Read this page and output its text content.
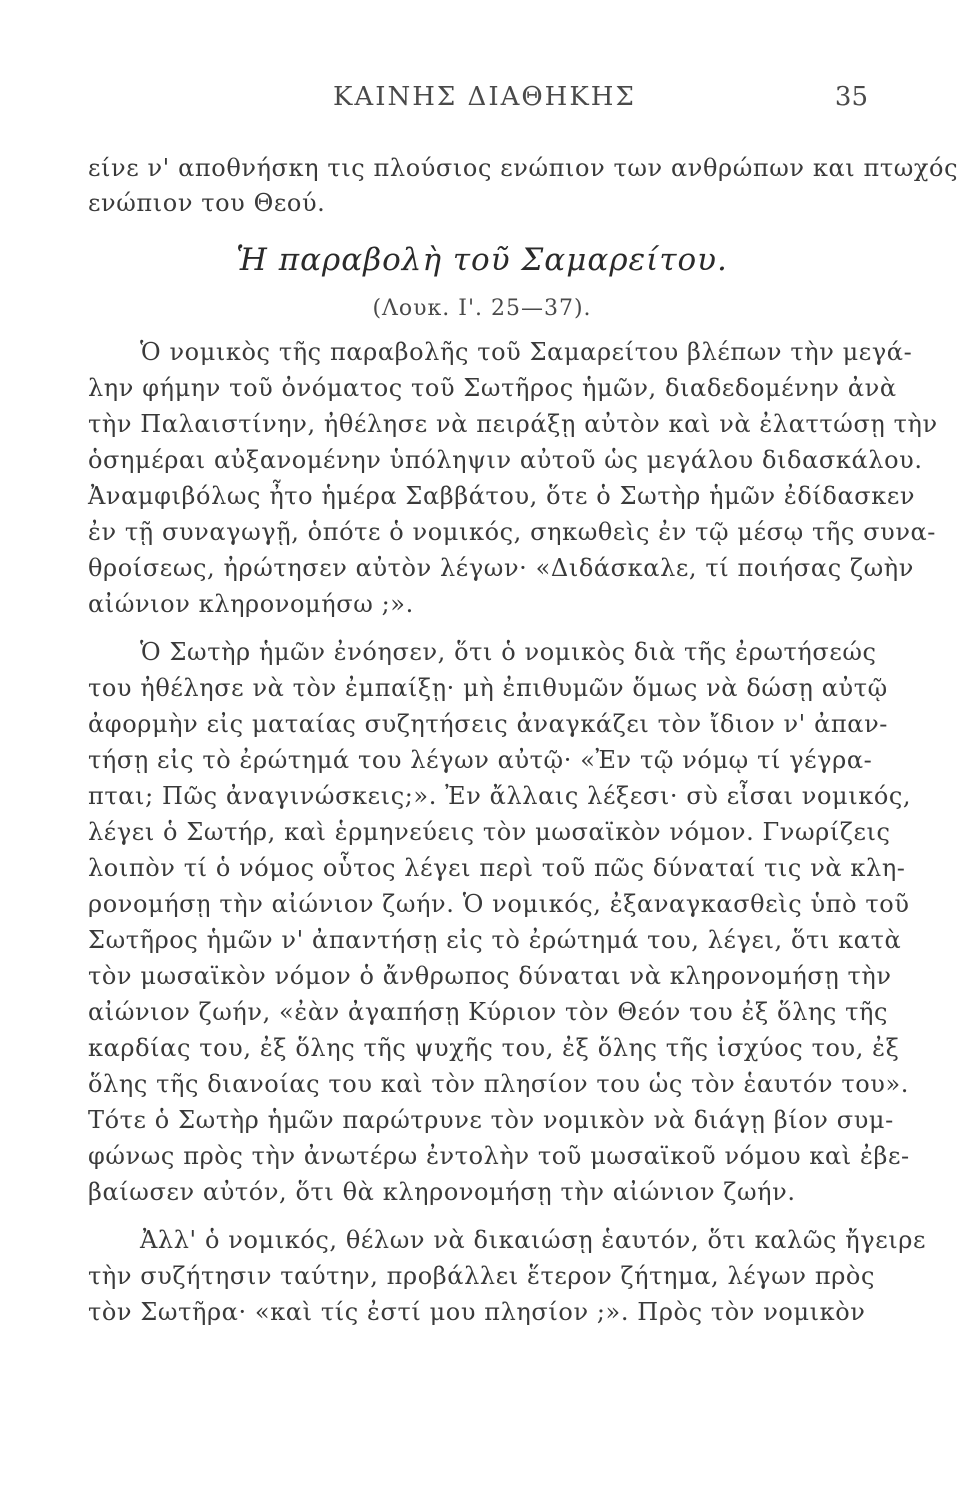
ΚΑΙΝΗΣ ΔΙΑΘΗΚΗΣ	35
είνε ν' αποθνήσκη τις πλούσιος ενώπιον των ανθρώπων και πτωχός
ενώπιον του Θεού.
Ἡ παραβολὴ τοῦ Σαμαρείτου.
(Λουκ. Ι'. 25—37).
Ὁ νομικὸς τῆς παραβολῆς τοῦ Σαμαρείτου βλέπων τὴν μεγά-
λην φήμην τοῦ ὀνόματος τοῦ Σωτῆρος ἡμῶν, διαδεδομένην ἀνὰ
τὴν Παλαιστίνην, ἠθέλησε νὰ πειράξῃ αὐτὸν καὶ νὰ ἐλαττώσῃ τὴν
ὁσημέραι αὐξανομένην ὑπόληψιν αὐτοῦ ὡς μεγάλου διδασκάλου.
Ἀναμφιβόλως ἦτο ἡμέρα Σαββάτου, ὅτε ὁ Σωτὴρ ἡμῶν ἐδίδασκεν
ἐν τῇ συναγωγῇ, ὁπότε ὁ νομικός, σηκωθεὶς ἐν τῷ μέσῳ τῆς συνα-
θροίσεως, ἠρώτησεν αὐτὸν λέγων· «Διδάσκαλε, τί ποιήσας ζωὴν
αἰώνιον κληρονομήσω ;».
Ὁ Σωτὴρ ἡμῶν ἐνόησεν, ὅτι ὁ νομικὸς διὰ τῆς ἐρωτήσεώς
του ἠθέλησε νὰ τὸν ἐμπαίξῃ· μὴ ἐπιθυμῶν ὅμως νὰ δώσῃ αὐτῷ
ἀφορμὴν εἰς ματαίας συζητήσεις ἀναγκάζει τὸν ἴδιον ν' ἀπαν-
τήσῃ εἰς τὸ ἐρώτημά του λέγων αὐτῷ· «Ἐν τῷ νόμῳ τί γέγρα-
πται; Πῶς ἀναγινώσκεις;». Ἐν ἄλλαις λέξεσι· σὺ εἶσαι νομικός,
λέγει ὁ Σωτήρ, καὶ ἑρμηνεύεις τὸν μωσαϊκὸν νόμον. Γνωρίζεις
λοιπὸν τί ὁ νόμος οὗτος λέγει περὶ τοῦ πῶς δύναταί τις νὰ κλη-
ρονομήσῃ τὴν αἰώνιον ζωήν. Ὁ νομικός, ἐξαναγκασθεὶς ὑπὸ τοῦ
Σωτῆρος ἡμῶν ν' ἀπαντήσῃ εἰς τὸ ἐρώτημά του, λέγει, ὅτι κατὰ
τὸν μωσαϊκὸν νόμον ὁ ἄνθρωπος δύναται νὰ κληρονομήσῃ τὴν
αἰώνιον ζωήν, «ἐὰν ἀγαπήσῃ Κύριον τὸν Θεόν του ἐξ ὅλης τῆς
καρδίας του, ἐξ ὅλης τῆς ψυχῆς του, ἐξ ὅλης τῆς ἰσχύος του, ἐξ
ὅλης τῆς διανοίας του καὶ τὸν πλησίον του ὡς τὸν ἑαυτόν του».
Τότε ὁ Σωτὴρ ἡμῶν παρώτρυνε τὸν νομικὸν νὰ διάγῃ βίον συμ-
φώνως πρὸς τὴν ἀνωτέρω ἐντολὴν τοῦ μωσαϊκοῦ νόμου καὶ ἐβε-
βαίωσεν αὐτόν, ὅτι θὰ κληρονομήσῃ τὴν αἰώνιον ζωήν.
Ἀλλ' ὁ νομικός, θέλων νὰ δικαιώσῃ ἑαυτόν, ὅτι καλῶς ἤγειρε
τὴν συζήτησιν ταύτην, προβάλλει ἕτερον ζήτημα, λέγων πρὸς
τὸν Σωτῆρα· «καὶ τίς ἐστί μου πλησίον ;». Πρὸς τὸν νομικὸν
